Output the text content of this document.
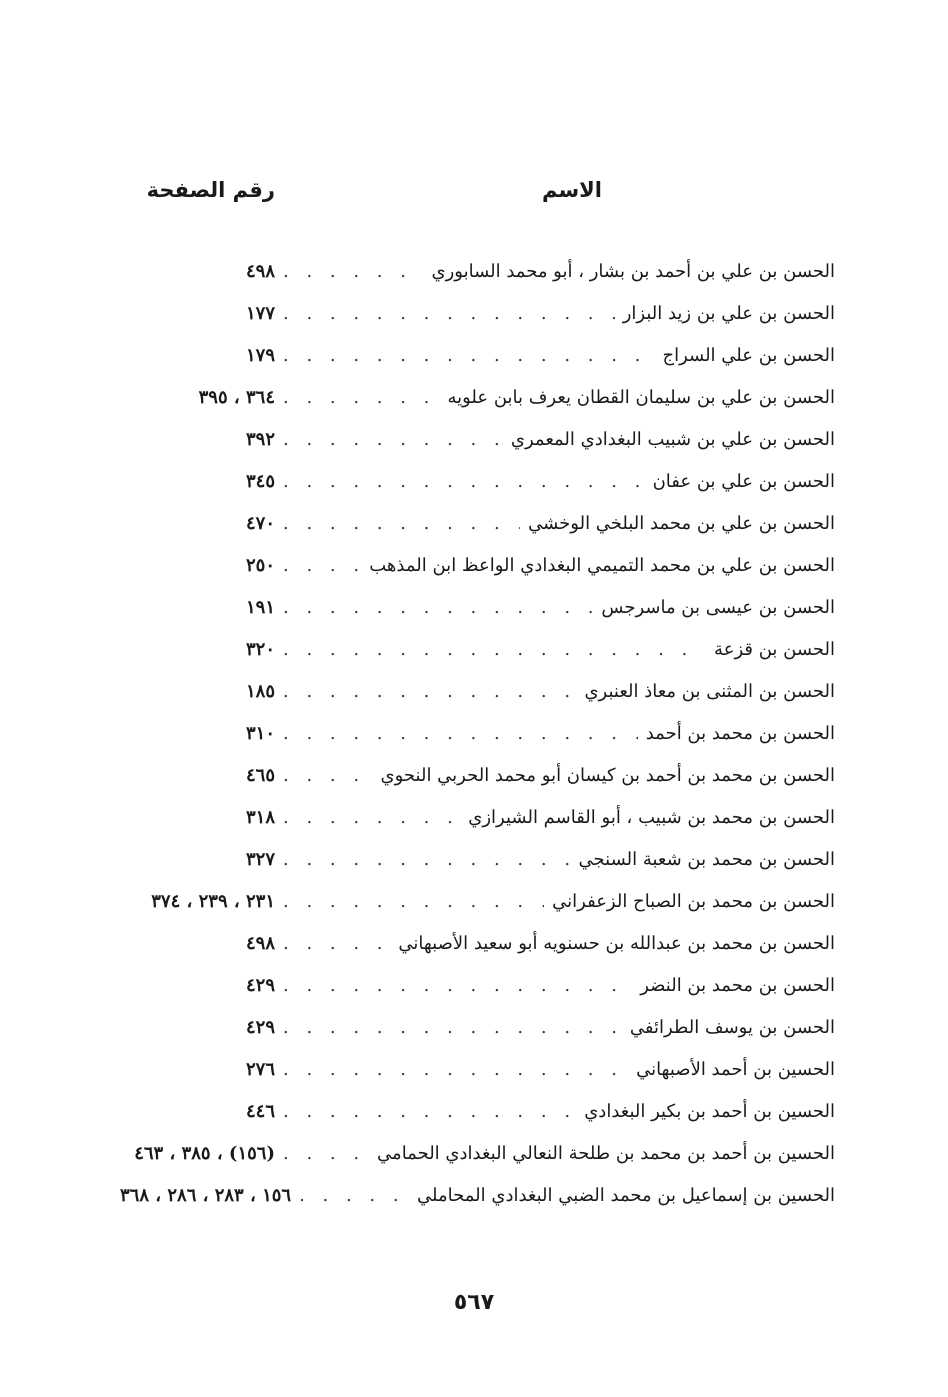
الاسم
رقم الصفحة
الحسن بن علي بن أحمد بن بشار ، أبو محمد السابوري
. . .
٤٩٨
الحسن بن علي بن زيد البزار
. . .
١٧٧
الحسن بن علي السراج
. . .
١٧٩
الحسن بن علي بن سليمان القطان يعرف بابن علويه
. . .
٣٦٤ ، ٣٩٥
الحسن بن علي بن شبيب البغدادي المعمري
. . .
٣٩٢
الحسن بن علي بن عفان
. . .
٣٤٥
الحسن بن علي بن محمد البلخي الوخشي
. . .
٤٧٠
الحسن بن علي بن محمد التميمي البغدادي الواعظ ابن المذهب
. . .
٢٥٠
الحسن بن عيسى بن ماسرجس
. . .
١٩١
الحسن بن قزعة
. . .
٣٢٠
الحسن بن المثنى بن معاذ العنبري
. . .
١٨٥
الحسن بن محمد بن أحمد
. . .
٣١٠
الحسن بن محمد بن أحمد بن كيسان أبو محمد الحربي النحوي
. . .
٤٦٥
الحسن بن محمد بن شبيب ، أبو القاسم الشيرازي
. . .
٣١٨
الحسن بن محمد بن شعبة السنجي
. . .
٣٢٧
الحسن بن محمد بن الصباح الزعفراني
. . .
٢٣١ ، ٢٣٩ ، ٣٧٤
الحسن بن محمد بن عبدالله بن حسنويه أبو سعيد الأصبهاني
. . .
٤٩٨
الحسن بن محمد بن النضر
. . .
٤٢٩
الحسن بن يوسف الطرائفي
. . .
٤٢٩
الحسين بن أحمد الأصبهاني
. . .
٢٧٦
الحسين بن أحمد بن بكير البغدادي
. . .
٤٤٦
الحسين بن أحمد بن محمد بن طلحة النعالي البغدادي الحمامي
. . .
(١٥٦) ، ٣٨٥ ، ٤٦٣
الحسين بن إسماعيل بن محمد الضبي البغدادي المحاملي
. . .
١٥٦ ، ٢٨٣ ، ٢٨٦ ، ٣٦٨
٥٦٧
